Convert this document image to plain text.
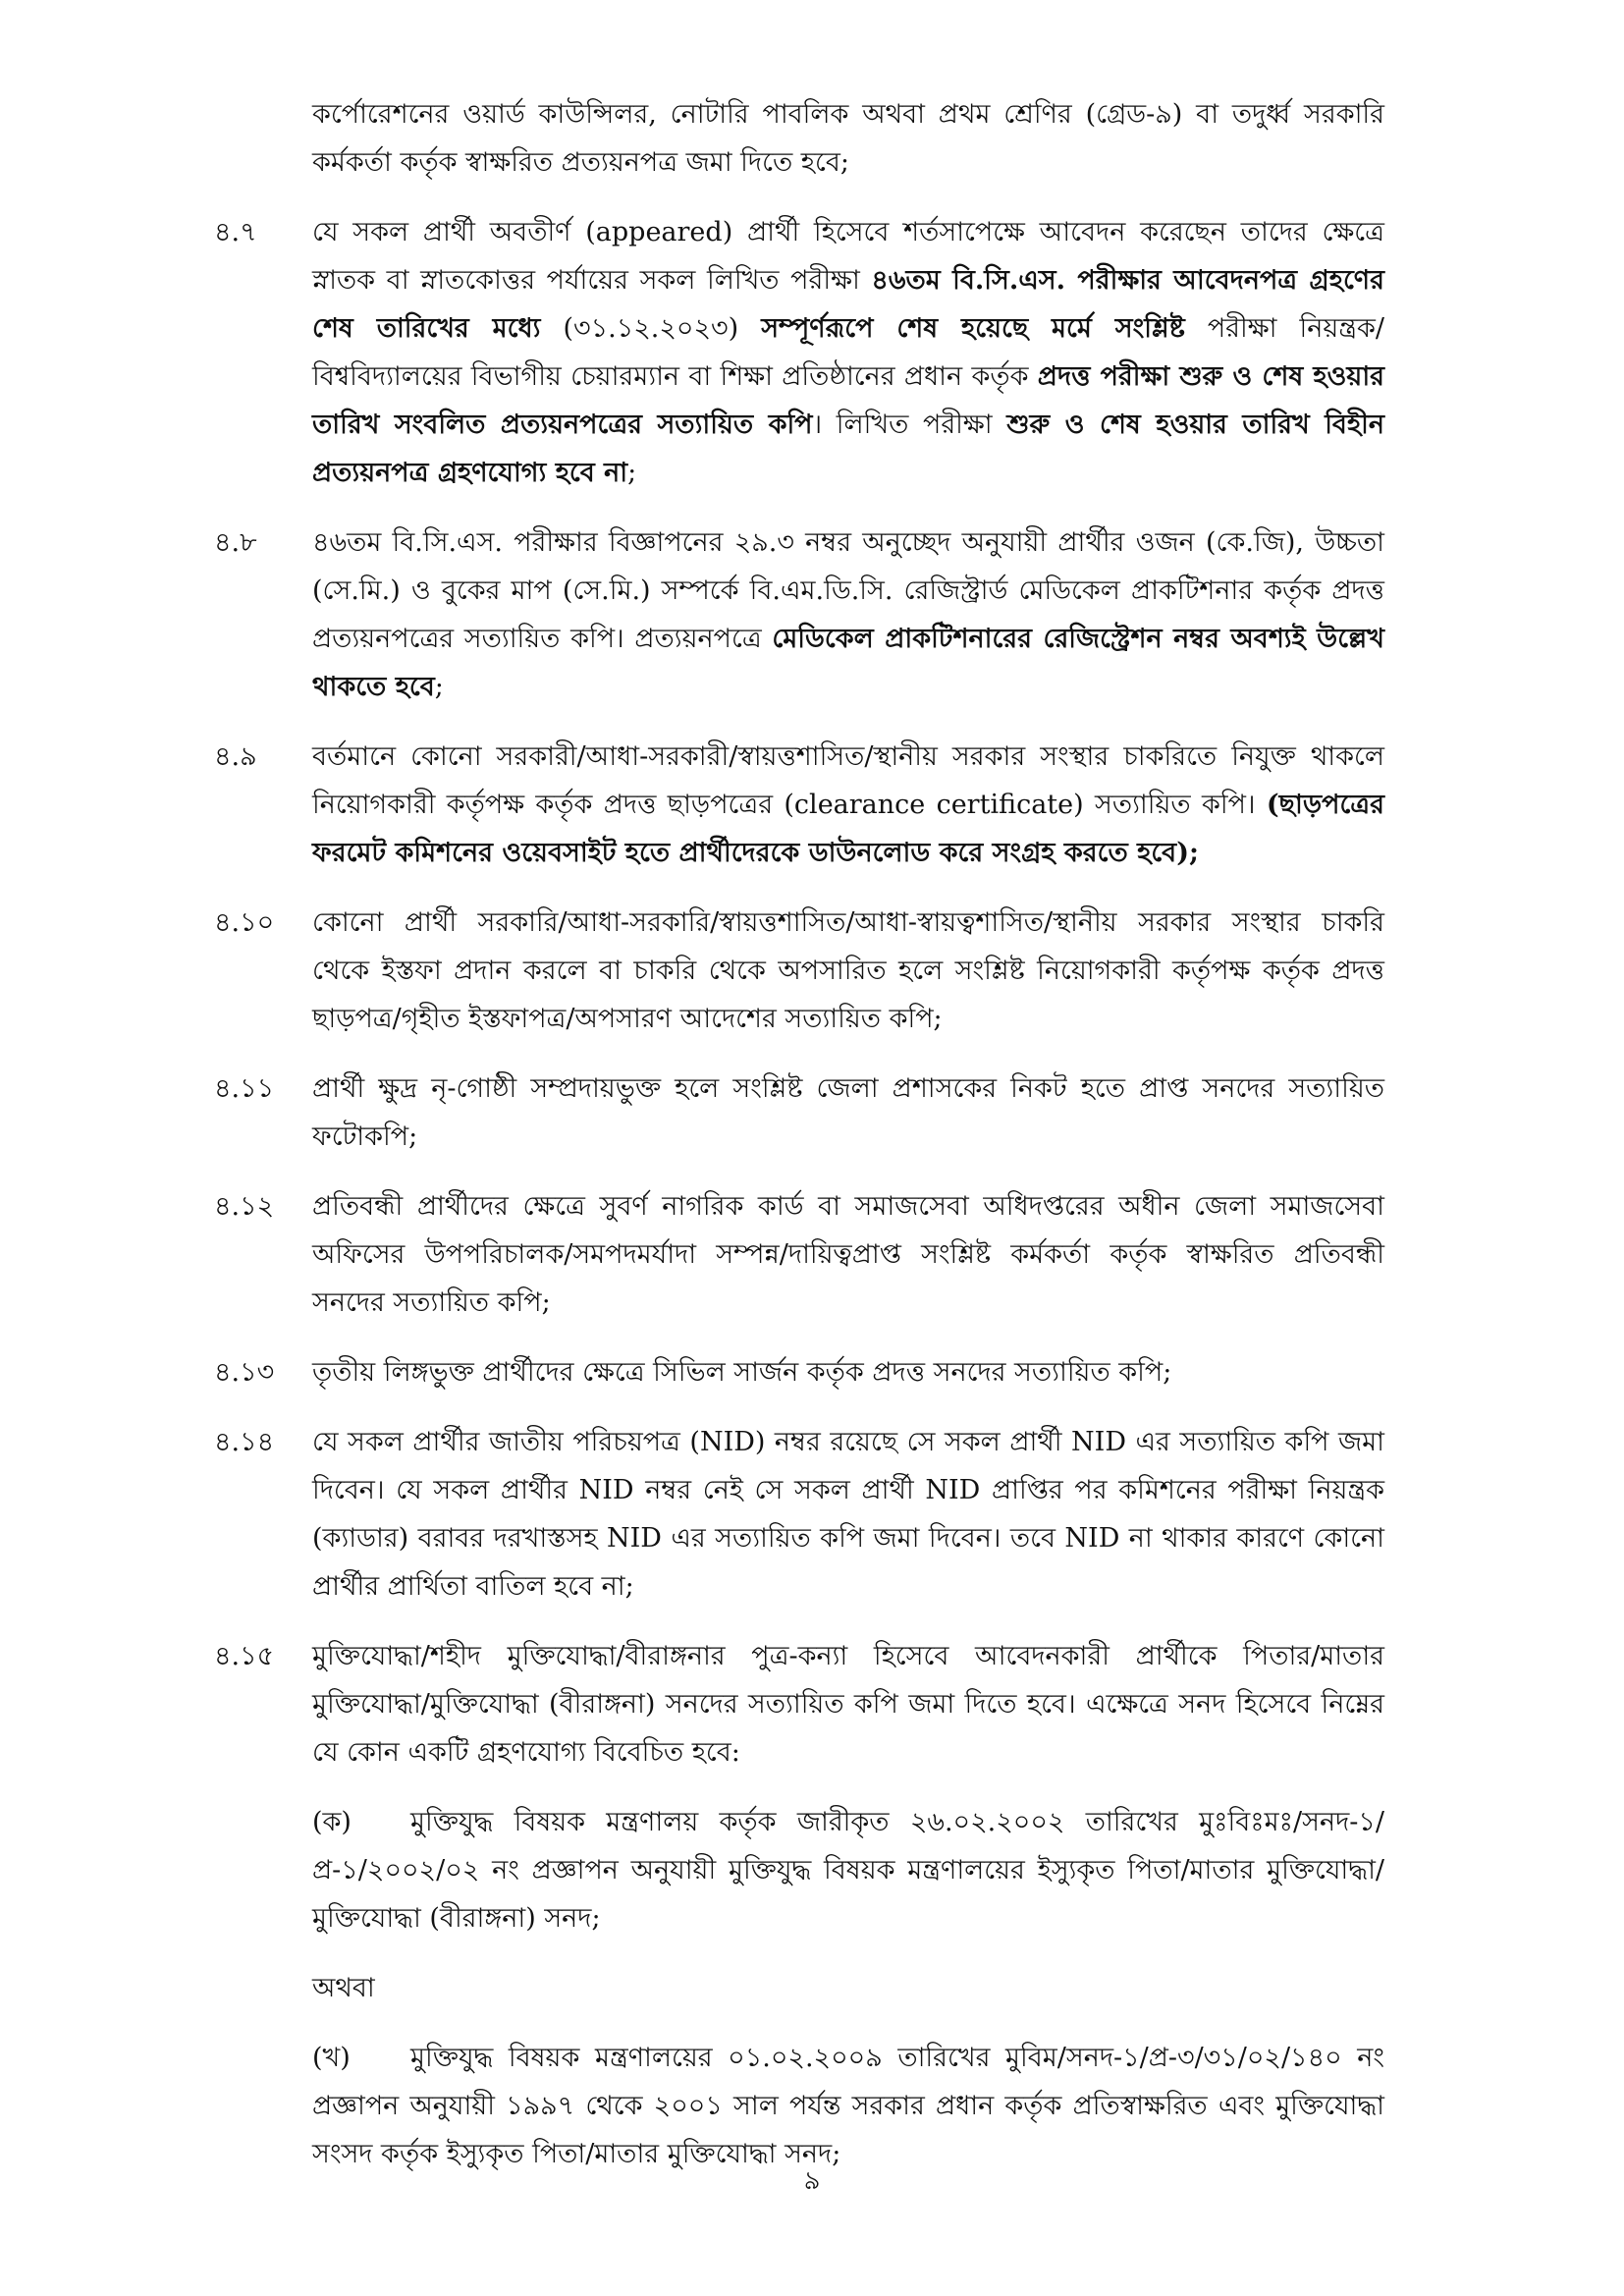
কর্পোরেশনের ওয়ার্ড কাউন্সিলর, নোটারি পাবলিক অথবা প্রথম শ্রেণির (গ্রেড-৯) বা তদুর্ধ্ব সরকারি কর্মকর্তা কর্তৃক স্বাক্ষরিত প্রত্যয়নপত্র জমা দিতে হবে;

৪.৭	যে সকল প্রার্থী অবতীর্ণ (appeared) প্রার্থী হিসেবে শর্তসাপেক্ষে আবেদন করেছেন তাদের ক্ষেত্রে স্নাতক বা স্নাতকোত্তর পর্যায়ের সকল লিখিত পরীক্ষা ৪৬তম বি.সি.এস. পরীক্ষার আবেদনপত্র গ্রহণের শেষ তারিখের মধ্যে (৩১.১২.২০২৩) সম্পূর্ণরূপে শেষ হয়েছে মর্মে সংশ্লিষ্ট পরীক্ষা নিয়ন্ত্রক/ বিশ্ববিদ্যালয়ের বিভাগীয় চেয়ারম্যান বা শিক্ষা প্রতিষ্ঠানের প্রধান কর্তৃক প্রদত্ত পরীক্ষা শুরু ও শেষ হওয়ার তারিখ সংবলিত প্রত্যয়নপত্রের সত্যায়িত কপি। লিখিত পরীক্ষা শুরু ও শেষ হওয়ার তারিখ বিহীন প্রত্যয়নপত্র গ্রহণযোগ্য হবে না;
৪.৮	৪৬তম বি.সি.এস. পরীক্ষার বিজ্ঞাপনের ২৯.৩ নম্বর অনুচ্ছেদ অনুযায়ী প্রার্থীর ওজন (কে.জি), উচ্চতা (সে.মি.) ও বুকের মাপ (সে.মি.) সম্পর্কে বি.এম.ডি.সি. রেজিস্ট্রার্ড মেডিকেল প্রাকটিশনার কর্তৃক প্রদত্ত প্রত্যয়নপত্রের সত্যায়িত কপি। প্রত্যয়নপত্রে মেডিকেল প্রাকটিশনারের রেজিস্ট্রেশন নম্বর অবশ্যই উল্লেখ থাকতে হবে;
৪.৯	বর্তমানে কোনো সরকারী/আধা-সরকারী/স্বায়ত্তশাসিত/স্থানীয় সরকার সংস্থার চাকরিতে নিযুক্ত থাকলে নিয়োগকারী কর্তৃপক্ষ কর্তৃক প্রদত্ত ছাড়পত্রের (clearance certificate) সত্যায়িত কপি। (ছাড়পত্রের ফরমেট কমিশনের ওয়েবসাইট হতে প্রার্থীদেরকে ডাউনলোড করে সংগ্রহ করতে হবে);
৪.১০	কোনো প্রার্থী সরকারি/আধা-সরকারি/স্বায়ত্তশাসিত/আধা-স্বায়ত্বশাসিত/স্থানীয় সরকার সংস্থার চাকরি থেকে ইস্তফা প্রদান করলে বা চাকরি থেকে অপসারিত হলে সংশ্লিষ্ট নিয়োগকারী কর্তৃপক্ষ কর্তৃক প্রদত্ত ছাড়পত্র/গৃহীত ইস্তফাপত্র/অপসারণ আদেশের সত্যায়িত কপি;
৪.১১	প্রার্থী ক্ষুদ্র নৃ-গোষ্ঠী সম্প্রদায়ভুক্ত হলে সংশ্লিষ্ট জেলা প্রশাসকের নিকট হতে প্রাপ্ত সনদের সত্যায়িত ফটোকপি;
৪.১২	প্রতিবন্ধী প্রার্থীদের ক্ষেত্রে সুবর্ণ নাগরিক কার্ড বা সমাজসেবা অধিদপ্তরের অধীন জেলা সমাজসেবা অফিসের উপপরিচালক/সমপদমর্যাদা সম্পন্ন/দায়িত্বপ্রাপ্ত সংশ্লিষ্ট কর্মকর্তা কর্তৃক স্বাক্ষরিত প্রতিবন্ধী সনদের সত্যায়িত কপি;
৪.১৩	তৃতীয় লিঙ্গভুক্ত প্রার্থীদের ক্ষেত্রে সিভিল সার্জন কর্তৃক প্রদত্ত সনদের সত্যায়িত কপি;
৪.১৪	যে সকল প্রার্থীর জাতীয় পরিচয়পত্র (NID) নম্বর রয়েছে সে সকল প্রার্থী NID এর সত্যায়িত কপি জমা দিবেন। যে সকল প্রার্থীর NID নম্বর নেই সে সকল প্রার্থী NID প্রাপ্তির পর কমিশনের পরীক্ষা নিয়ন্ত্রক (ক্যাডার) বরাবর দরখাস্তসহ NID এর সত্যায়িত কপি জমা দিবেন। তবে NID না থাকার কারণে কোনো প্রার্থীর প্রার্থিতা বাতিল হবে না;
৪.১৫	মুক্তিযোদ্ধা/শহীদ মুক্তিযোদ্ধা/বীরাঙ্গনার পুত্র-কন্যা হিসেবে আবেদনকারী প্রার্থীকে পিতার/মাতার মুক্তিযোদ্ধা/মুক্তিযোদ্ধা (বীরাঙ্গনা) সনদের সত্যায়িত কপি জমা দিতে হবে। এক্ষেত্রে সনদ হিসেবে নিম্নের যে কোন একটি গ্রহণযোগ্য বিবেচিত হবে:
(ক) মুক্তিযুদ্ধ বিষয়ক মন্ত্রণালয় কর্তৃক জারীকৃত ২৬.০২.২০০২ তারিখের মুঃবিঃমঃ/সনদ-১/ প্র-১/২০০২/০২ নং প্রজ্ঞাপন অনুযায়ী মুক্তিযুদ্ধ বিষয়ক মন্ত্রণালয়ের ইস্যুকৃত পিতা/মাতার মুক্তিযোদ্ধা/ মুক্তিযোদ্ধা (বীরাঙ্গনা) সনদ;
অথবা
(খ) মুক্তিযুদ্ধ বিষয়ক মন্ত্রণালয়ের ০১.০২.২০০৯ তারিখের মুবিম/সনদ-১/প্র-৩/৩১/০২/১৪০ নং প্রজ্ঞাপন অনুযায়ী ১৯৯৭ থেকে ২০০১ সাল পর্যন্ত সরকার প্রধান কর্তৃক প্রতিস্বাক্ষরিত এবং মুক্তিযোদ্ধা সংসদ কর্তৃক ইস্যুকৃত পিতা/মাতার মুক্তিযোদ্ধা সনদ;
৯
